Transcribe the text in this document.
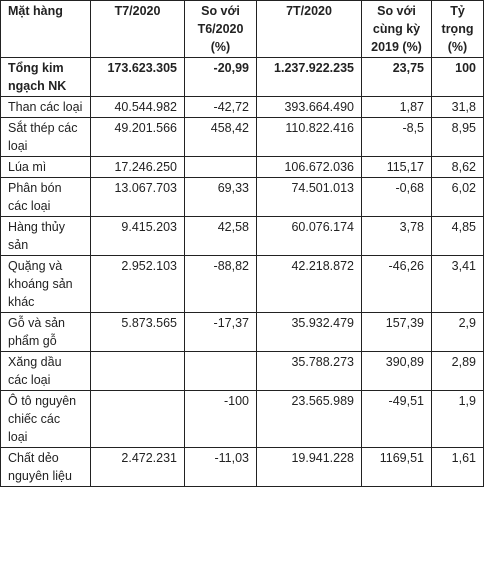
Mặt hàng	T7/2020	So với T6/2020 (%)	7T/2020	So với cùng kỳ 2019 (%)	Tỷ trọng (%)
Tổng kim ngạch NK	173.623.305	-20,99	1.237.922.235	23,75	100
Than các loại	40.544.982	-42,72	393.664.490	1,87	31,8
Sắt thép các loại	49.201.566	458,42	110.822.416	-8,5	8,95
Lúa mì	17.246.250		106.672.036	115,17	8,62
Phân bón các loại	13.067.703	69,33	74.501.013	-0,68	6,02
Hàng thủy sản	9.415.203	42,58	60.076.174	3,78	4,85
Quặng và khoáng sản khác	2.952.103	-88,82	42.218.872	-46,26	3,41
Gỗ và sản phẩm gỗ	5.873.565	-17,37	35.932.479	157,39	2,9
Xăng dầu các loại			35.788.273	390,89	2,89
Ô tô nguyên chiếc các loại		-100	23.565.989	-49,51	1,9
Chất dẻo nguyên liệu	2.472.231	-11,03	19.941.228	1169,51	1,61
